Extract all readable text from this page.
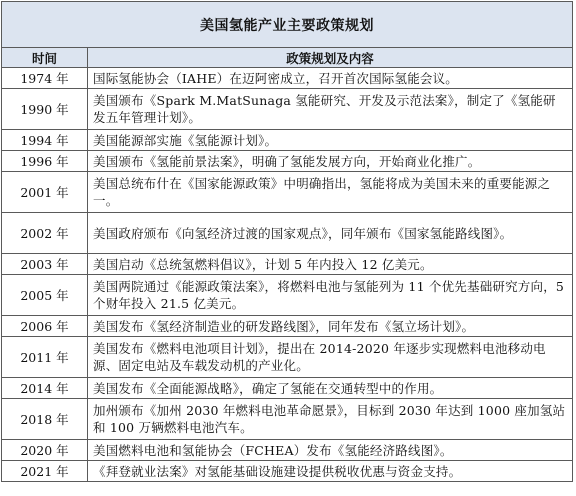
美国氢能产业主要政策规划	
时间	政策规划及内容
1974 年	国际氢能协会（IAHE）在迈阿密成立，召开首次国际氢能会议。
1990 年	美国颁布《Spark M.MatSunaga 氢能研究、开发及示范法案》，制定了《氢能研发五年管理计划》。
1994 年	美国能源部实施《氢能源计划》。
1996 年	美国颁布《氢能前景法案》，明确了氢能发展方向，开始商业化推广。
2001 年	美国总统布什在《国家能源政策》中明确指出，氢能将成为美国未来的重要能源之一。
2002 年	美国政府颁布《向氢经济过渡的国家观点》，同年颁布《国家氢能路线图》。
2003 年	美国启动《总统氢燃料倡议》，计划 5 年内投入 12 亿美元。
2005 年	美国两院通过《能源政策法案》，将燃料电池与氢能列为 11 个优先基础研究方向，5 个财年投入 21.5 亿美元。
2006 年	美国发布《氢经济制造业的研发路线图》，同年发布《氢立场计划》。
2011 年	美国发布《燃料电池项目计划》，提出在 2014-2020 年逐步实现燃料电池移动电源、固定电站及车载发动机的产业化。
2014 年	美国发布《全面能源战略》，确定了氢能在交通转型中的作用。
2018 年	加州颁布《加州 2030 年燃料电池革命愿景》，目标到 2030 年达到 1000 座加氢站和 100 万辆燃料电池汽车。
2020 年	美国燃料电池和氢能协会（FCHEA）发布《氢能经济路线图》。
2021 年	《拜登就业法案》对氢能基础设施建设提供税收优惠与资金支持。
